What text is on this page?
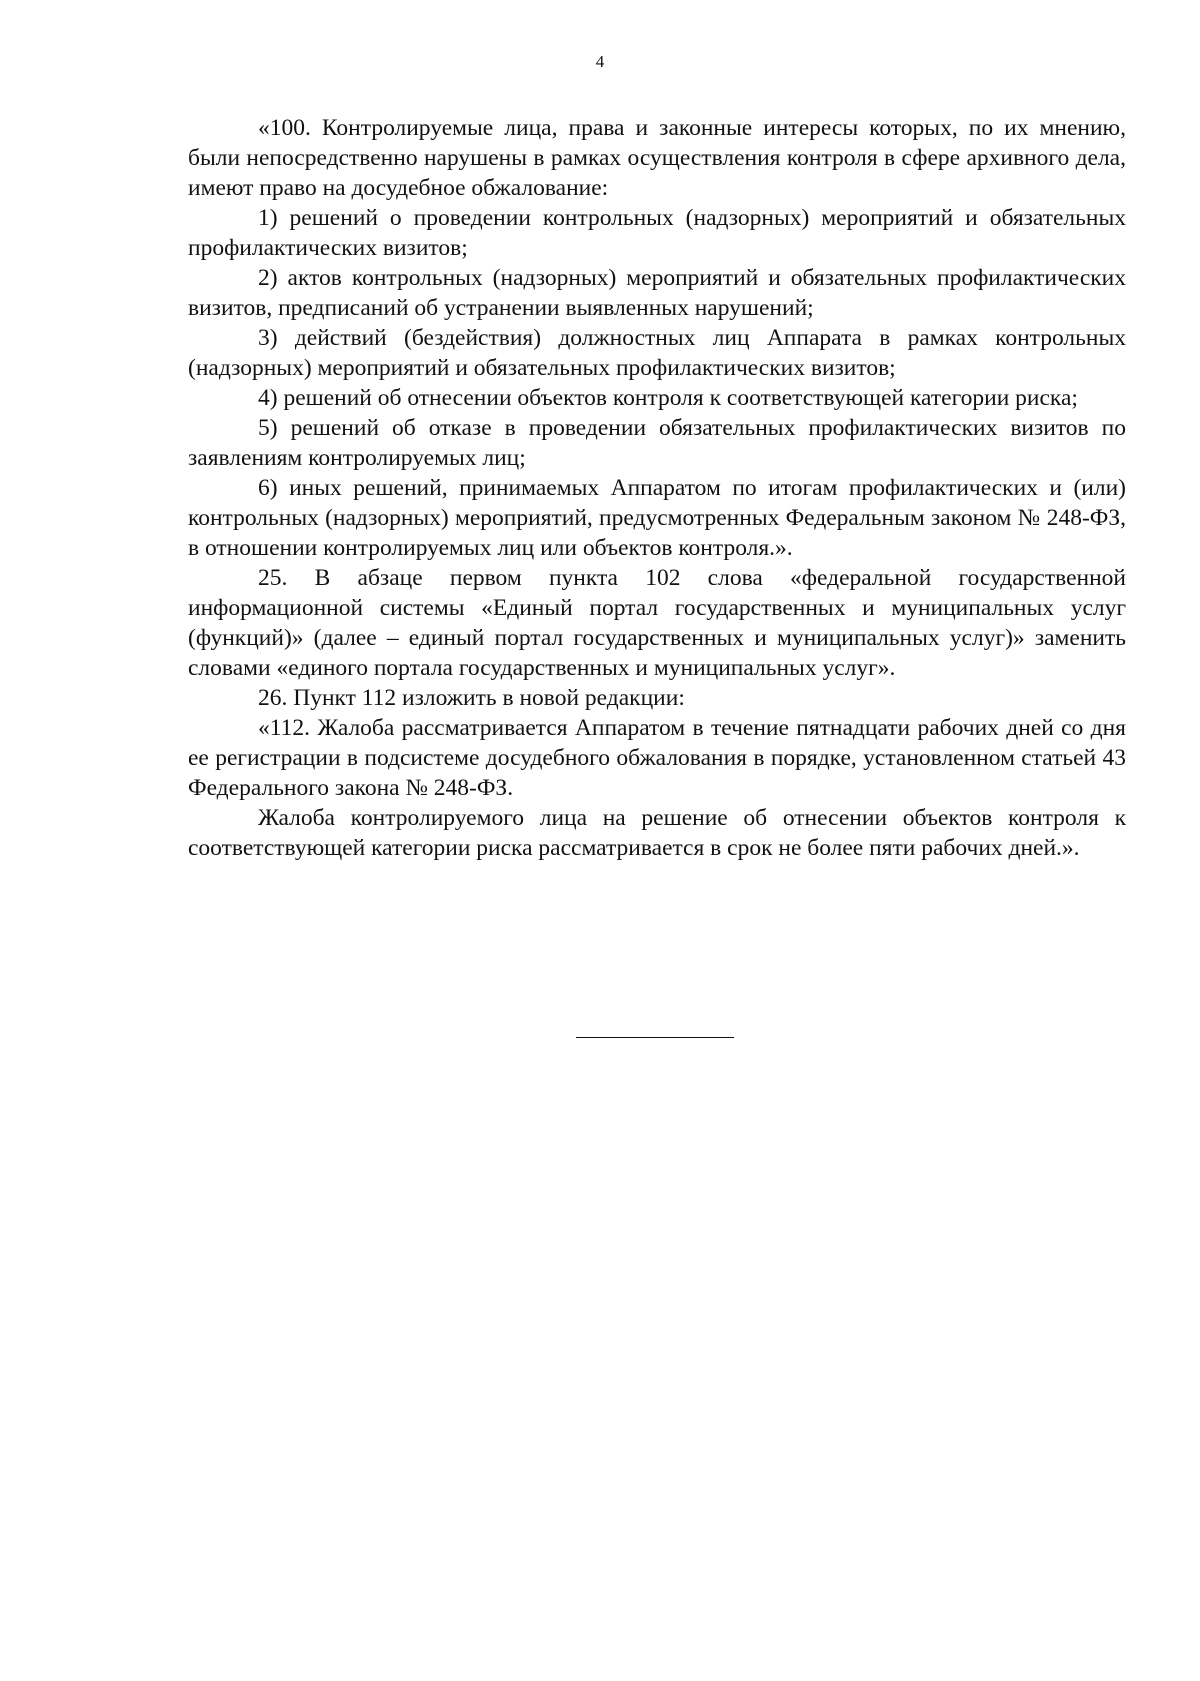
4

«100. Контролируемые лица, права и законные интересы которых, по их мнению, были непосредственно нарушены в рамках осуществления контроля в сфере архивного дела, имеют право на досудебное обжалование:

1) решений о проведении контрольных (надзорных) мероприятий и обязательных профилактических визитов;

2) актов контрольных (надзорных) мероприятий и обязательных профилактических визитов, предписаний об устранении выявленных нарушений;

3) действий (бездействия) должностных лиц Аппарата в рамках контрольных (надзорных) мероприятий и обязательных профилактических визитов;

4) решений об отнесении объектов контроля к соответствующей категории риска;

5) решений об отказе в проведении обязательных профилактических визитов по заявлениям контролируемых лиц;

6) иных решений, принимаемых Аппаратом по итогам профилактических и (или) контрольных (надзорных) мероприятий, предусмотренных Федеральным законом № 248-ФЗ, в отношении контролируемых лиц или объектов контроля.».

25. В абзаце первом пункта 102 слова «федеральной государственной информационной системы «Единый портал государственных и муниципальных услуг (функций)» (далее – единый портал государственных и муниципальных услуг)» заменить словами «единого портала государственных и муниципальных услуг».

26. Пункт 112 изложить в новой редакции:

«112. Жалоба рассматривается Аппаратом в течение пятнадцати рабочих дней со дня ее регистрации в подсистеме досудебного обжалования в порядке, установленном статьей 43 Федерального закона № 248-ФЗ.

Жалоба контролируемого лица на решение об отнесении объектов контроля к соответствующей категории риска рассматривается в срок не более пяти рабочих дней.».
